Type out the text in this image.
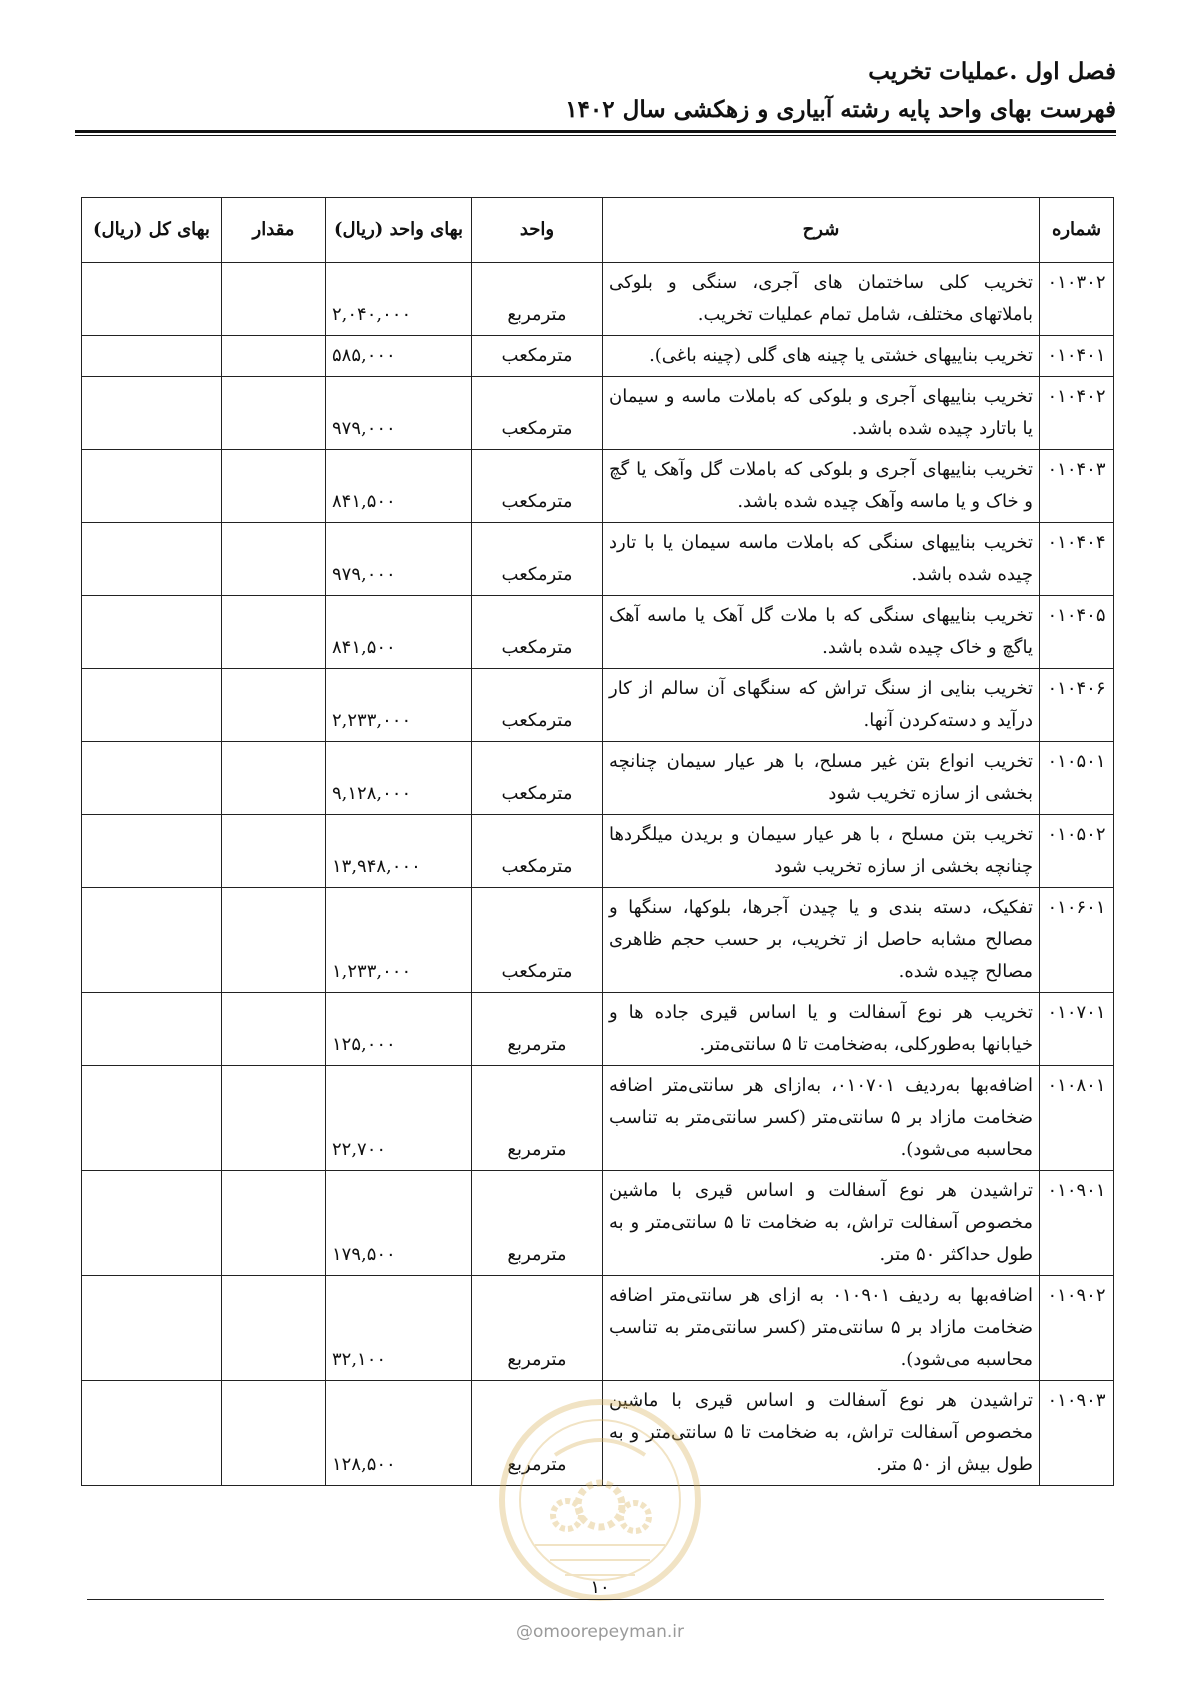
فصل اول .عملیات تخریب
فهرست بهای واحد پایه رشته آبیاری و زهکشی سال ۱۴۰۲
شماره	شرح	واحد	بهای واحد (ریال)	مقدار	بهای کل (ریال)
۰۱۰۳۰۲	تخریب کلی ساختمان های آجری، سنگی و بلوکی باملاتهای مختلف، شامل تمام عملیات تخریب.	مترمربع	۲,۰۴۰,۰۰۰		
۰۱۰۴۰۱	تخریب بناییهای خشتی یا چینه های گلی (چینه باغی).	مترمکعب	۵۸۵,۰۰۰		
۰۱۰۴۰۲	تخریب بناییهای آجری و بلوکی که باملات ماسه و سیمان یا باتارد چیده شده باشد.	مترمکعب	۹۷۹,۰۰۰		
۰۱۰۴۰۳	تخریب بناییهای آجری و بلوکی که باملات گل وآهک یا گچ و خاک و یا ماسه وآهک چیده شده باشد.	مترمکعب	۸۴۱,۵۰۰		
۰۱۰۴۰۴	تخریب بناییهای سنگی که باملات ماسه سیمان یا با تارد چیده شده باشد.	مترمکعب	۹۷۹,۰۰۰		
۰۱۰۴۰۵	تخریب بناییهای سنگی که با ملات گل آهک یا ماسه آهک یاگچ و خاک چیده شده باشد.	مترمکعب	۸۴۱,۵۰۰		
۰۱۰۴۰۶	تخریب بنایی از سنگ تراش که سنگهای آن سالم از کار درآید و دسته‌کردن آنها.	مترمکعب	۲,۲۳۳,۰۰۰		
۰۱۰۵۰۱	تخریب انواع بتن غیر مسلح، با هر عیار سیمان چنانچه بخشی از سازه تخریب شود	مترمکعب	۹,۱۲۸,۰۰۰		
۰۱۰۵۰۲	تخریب بتن مسلح ، با هر عیار سیمان و بریدن میلگردها چنانچه بخشی از سازه تخریب شود	مترمکعب	۱۳,۹۴۸,۰۰۰		
۰۱۰۶۰۱	تفکیک، دسته بندی و یا چیدن آجرها، بلوکها، سنگها و مصالح مشابه حاصل از تخریب، بر حسب حجم ظاهری مصالح چیده شده.	مترمکعب	۱,۲۳۳,۰۰۰		
۰۱۰۷۰۱	تخریب هر نوع آسفالت و یا اساس قیری جاده ها و خیابانها به‌طورکلی، به‌ضخامت تا ۵ سانتی‌متر.	مترمربع	۱۲۵,۰۰۰		
۰۱۰۸۰۱	اضافه‌بها به‌ردیف ۰۱۰۷۰۱، به‌ازای هر سانتی‌متر اضافه ضخامت مازاد بر ۵ سانتی‌متر (کسر سانتی‌متر به تناسب محاسبه می‌شود).	مترمربع	۲۲,۷۰۰		
۰۱۰۹۰۱	تراشیدن هر نوع آسفالت و اساس قیری با ماشین مخصوص آسفالت تراش، به ضخامت تا ۵ سانتی‌متر و به طول حداکثر ۵۰ متر.	مترمربع	۱۷۹,۵۰۰		
۰۱۰۹۰۲	اضافه‌بها به ردیف ۰۱۰۹۰۱ به ازای هر سانتی‌متر اضافه ضخامت مازاد بر ۵ سانتی‌متر (کسر سانتی‌متر به تناسب محاسبه می‌شود).	مترمربع	۳۲,۱۰۰		
۰۱۰۹۰۳	تراشیدن هر نوع آسفالت و اساس قیری با ماشین مخصوص آسفالت تراش، به ضخامت تا ۵ سانتی‌متر و به طول بیش از ۵۰ متر.	مترمربع	۱۲۸,۵۰۰		
۱۰
@omoorepeyman.ir
